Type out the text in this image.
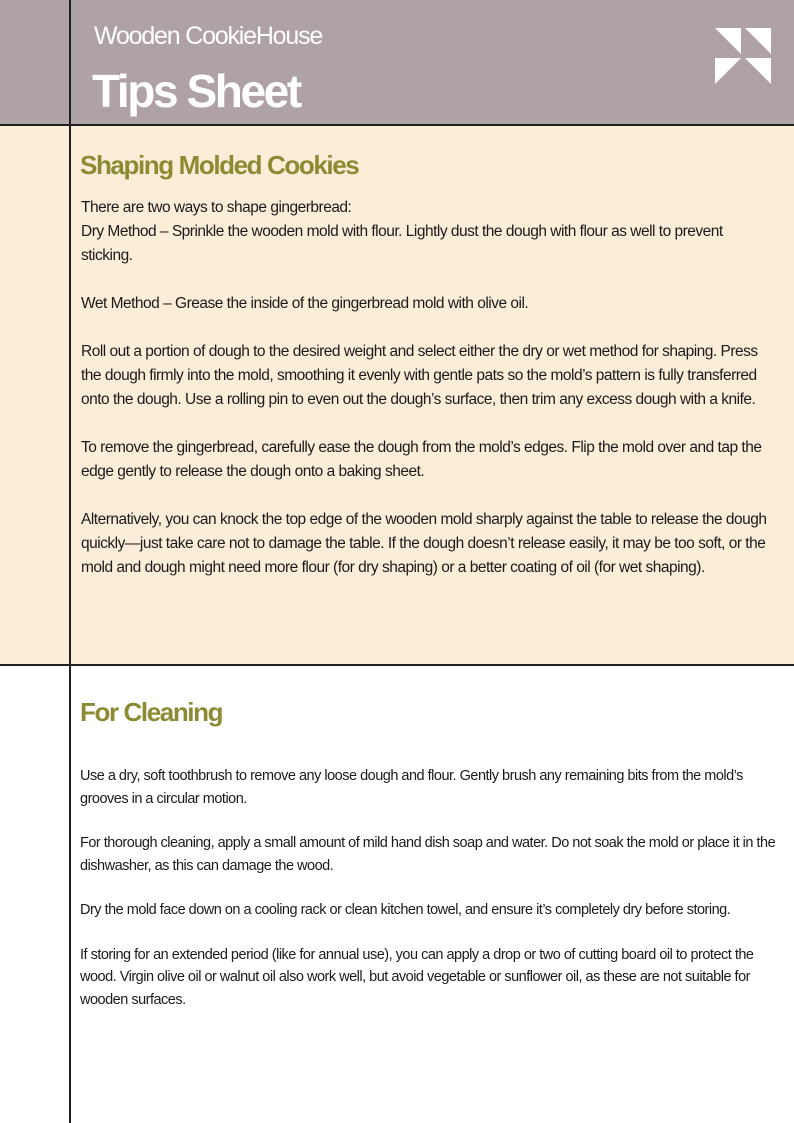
Wooden CookieHouse
Tips Sheet
Shaping Molded Cookies

There are two ways to shape gingerbread:
Dry Method – Sprinkle the wooden mold with flour. Lightly dust the dough with flour as well to prevent sticking.

Wet Method – Grease the inside of the gingerbread mold with olive oil.

Roll out a portion of dough to the desired weight and select either the dry or wet method for shaping. Press the dough firmly into the mold, smoothing it evenly with gentle pats so the mold’s pattern is fully transferred onto the dough. Use a rolling pin to even out the dough’s surface, then trim any excess dough with a knife.

To remove the gingerbread, carefully ease the dough from the mold’s edges. Flip the mold over and tap the edge gently to release the dough onto a baking sheet.

Alternatively, you can knock the top edge of the wooden mold sharply against the table to release the dough quickly—just take care not to damage the table. If the dough doesn’t release easily, it may be too soft, or the mold and dough might need more flour (for dry shaping) or a better coating of oil (for wet shaping).

For Cleaning

Use a dry, soft toothbrush to remove any loose dough and flour. Gently brush any remaining bits from the mold’s grooves in a circular motion.

For thorough cleaning, apply a small amount of mild hand dish soap and water. Do not soak the mold or place it in the dishwasher, as this can damage the wood.

Dry the mold face down on a cooling rack or clean kitchen towel, and ensure it’s completely dry before storing.

If storing for an extended period (like for annual use), you can apply a drop or two of cutting board oil to protect the wood. Virgin olive oil or walnut oil also work well, but avoid vegetable or sunflower oil, as these are not suitable for wooden surfaces.
